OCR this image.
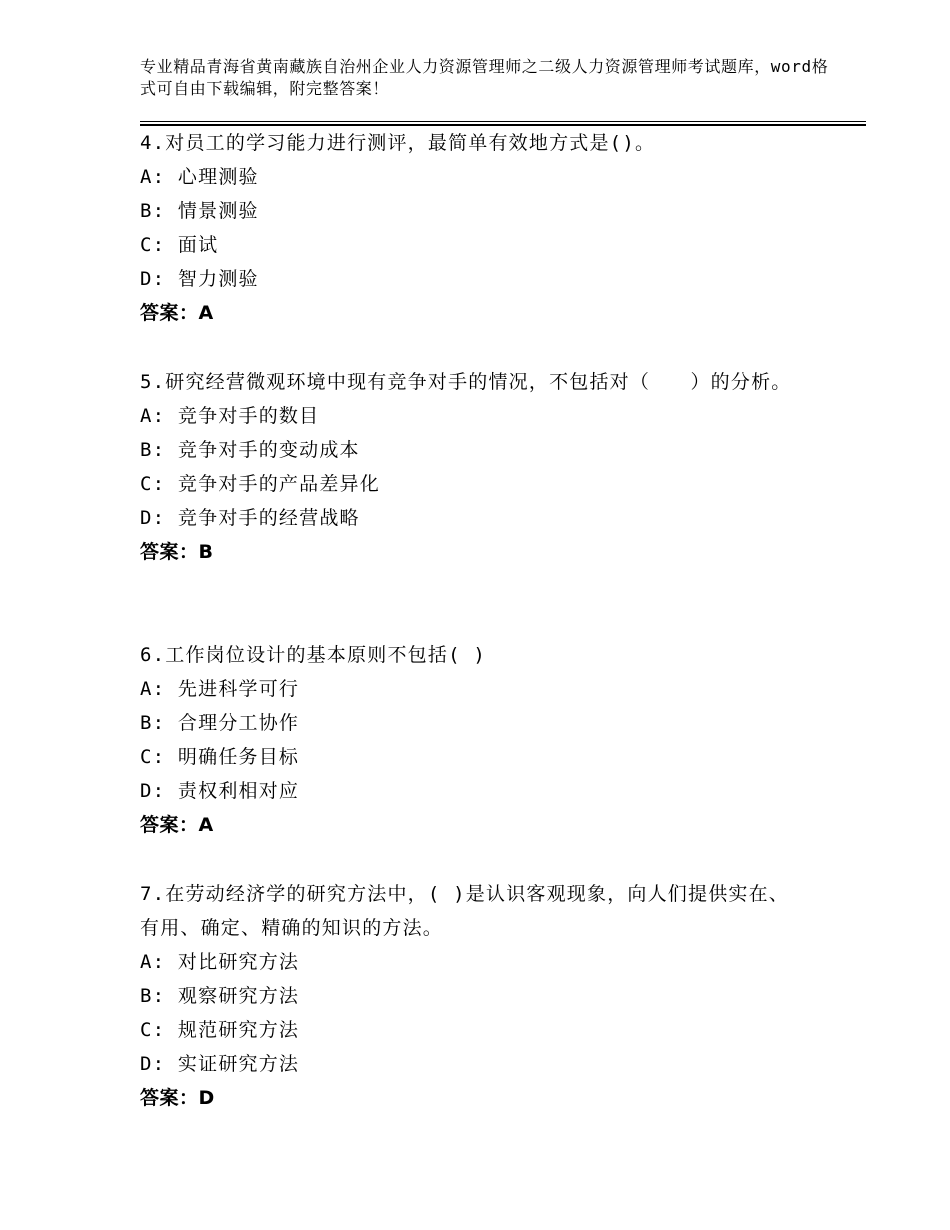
专业精品青海省黄南藏族自治州企业人力资源管理师之二级人力资源管理师考试题库，word格式可自由下载编辑，附完整答案！

4.对员工的学习能力进行测评，最简单有效地方式是()。

A: 心理测验

B: 情景测验

C: 面试

D: 智力测验

答案：A

5.研究经营微观环境中现有竞争对手的情况，不包括对（　　）的分析。

A: 竞争对手的数目

B: 竞争对手的变动成本

C: 竞争对手的产品差异化

D: 竞争对手的经营战略

答案：B

6.工作岗位设计的基本原则不包括( )

A: 先进科学可行

B: 合理分工协作

C: 明确任务目标

D: 责权利相对应

答案：A

7.在劳动经济学的研究方法中，( )是认识客观现象，向人们提供实在、有用、确定、精确的知识的方法。

A: 对比研究方法

B: 观察研究方法

C: 规范研究方法

D: 实证研究方法

答案：D
